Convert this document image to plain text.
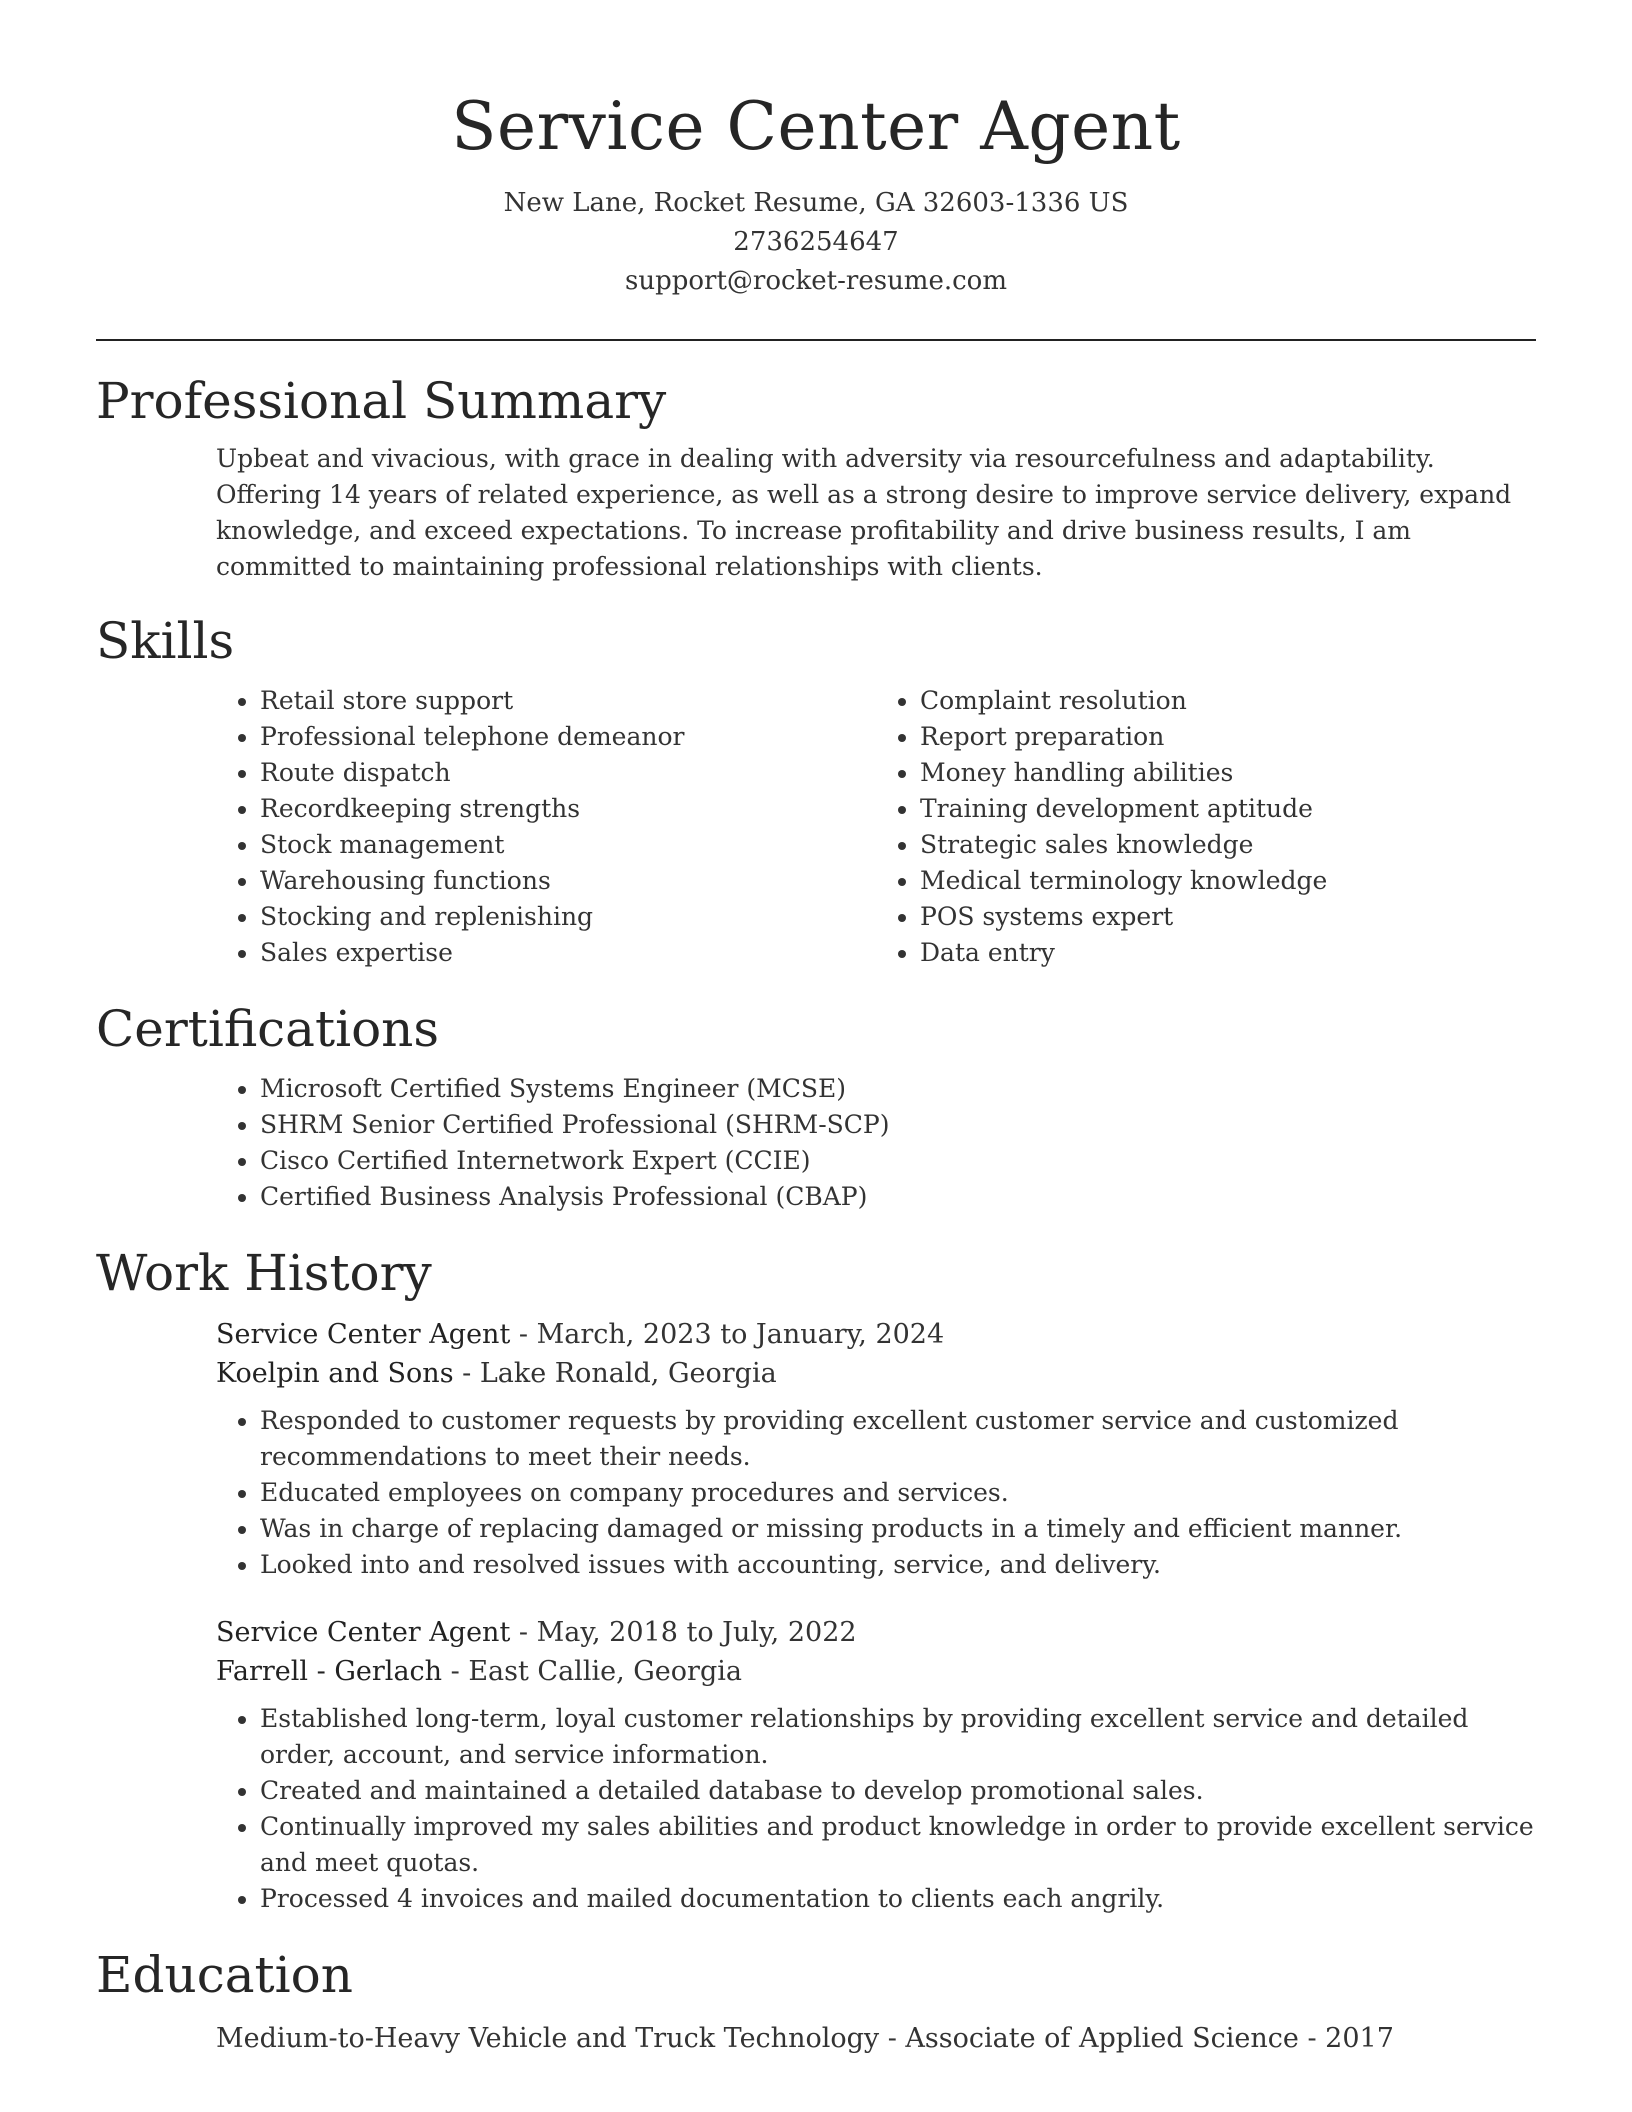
Service Center Agent
New Lane, Rocket Resume, GA 32603-1336 US
2736254647
support@rocket-resume.com
Professional Summary

Upbeat and vivacious, with grace in dealing with adversity via resourcefulness and adaptability. Offering 14 years of related experience, as well as a strong desire to improve service delivery, expand knowledge, and exceed expectations. To increase profitability and drive business results, I am committed to maintaining professional relationships with clients.

Skills
• Retail store support
• Professional telephone demeanor
• Route dispatch
• Recordkeeping strengths
• Stock management
• Warehousing functions
• Stocking and replenishing
• Sales expertise
• Complaint resolution
• Report preparation
• Money handling abilities
• Training development aptitude
• Strategic sales knowledge
• Medical terminology knowledge
• POS systems expert
• Data entry
Certifications
• Microsoft Certified Systems Engineer (MCSE)
• SHRM Senior Certified Professional (SHRM-SCP)
• Cisco Certified Internetwork Expert (CCIE)
• Certified Business Analysis Professional (CBAP)
Work History
Service Center Agent - March, 2023 to January, 2024
Koelpin and Sons - Lake Ronald, Georgia
• Responded to customer requests by providing excellent customer service and customized recommendations to meet their needs.
• Educated employees on company procedures and services.
• Was in charge of replacing damaged or missing products in a timely and efficient manner.
• Looked into and resolved issues with accounting, service, and delivery.
Service Center Agent - May, 2018 to July, 2022
Farrell - Gerlach - East Callie, Georgia
• Established long-term, loyal customer relationships by providing excellent service and detailed order, account, and service information.
• Created and maintained a detailed database to develop promotional sales.
• Continually improved my sales abilities and product knowledge in order to provide excellent service and meet quotas.
• Processed 4 invoices and mailed documentation to clients each angrily.
Education
Medium-to-Heavy Vehicle and Truck Technology - Associate of Applied Science - 2017
